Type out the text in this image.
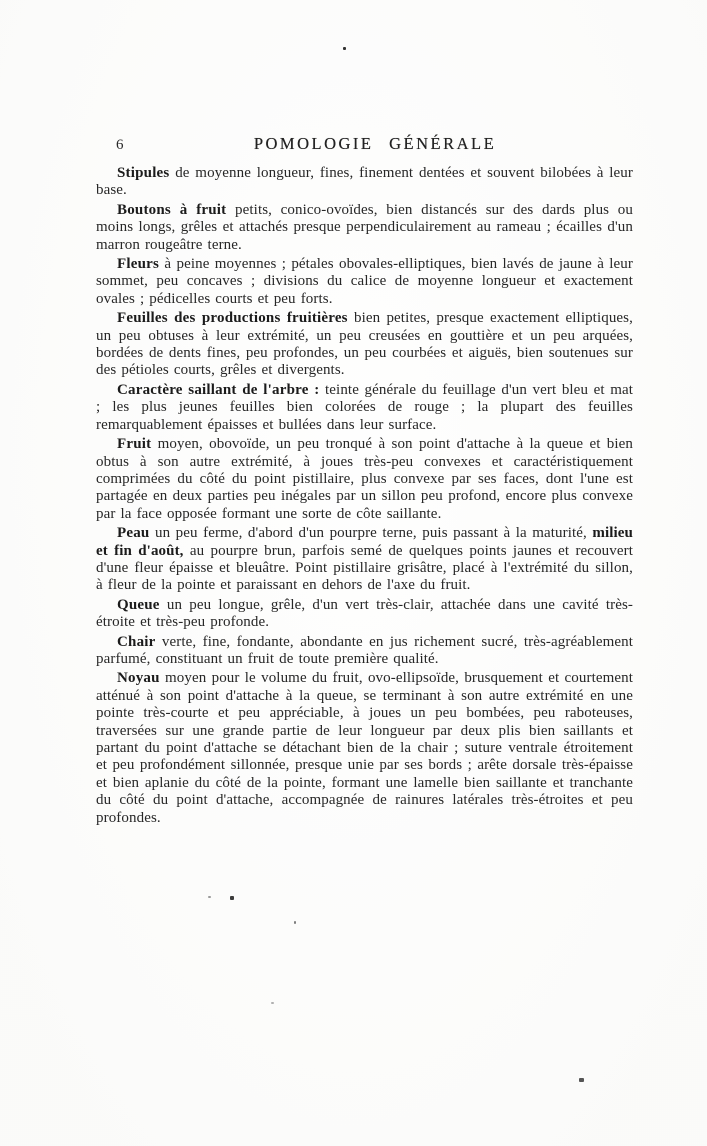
6	POMOLOGIE GÉNÉRALE

Stipules de moyenne longueur, fines, finement dentées et souvent bilobées à leur base.

Boutons à fruit petits, conico-ovoïdes, bien distancés sur des dards plus ou moins longs, grêles et attachés presque perpendiculairement au rameau ; écailles d'un marron rougeâtre terne.

Fleurs à peine moyennes ; pétales obovales-elliptiques, bien lavés de jaune à leur sommet, peu concaves ; divisions du calice de moyenne longueur et exactement ovales ; pédicelles courts et peu forts.

Feuilles des productions fruitières bien petites, presque exactement elliptiques, un peu obtuses à leur extrémité, un peu creusées en gouttière et un peu arquées, bordées de dents fines, peu profondes, un peu courbées et aiguës, bien soutenues sur des pétioles courts, grêles et divergents.

Caractère saillant de l'arbre : teinte générale du feuillage d'un vert bleu et mat ; les plus jeunes feuilles bien colorées de rouge ; la plupart des feuilles remarquablement épaisses et bullées dans leur surface.

Fruit moyen, obovoïde, un peu tronqué à son point d'attache à la queue et bien obtus à son autre extrémité, à joues très-peu convexes et caractéristiquement comprimées du côté du point pistillaire, plus convexe par ses faces, dont l'une est partagée en deux parties peu inégales par un sillon peu profond, encore plus convexe par la face opposée formant une sorte de côte saillante.

Peau un peu ferme, d'abord d'un pourpre terne, puis passant à la maturité, milieu et fin d'août, au pourpre brun, parfois semé de quelques points jaunes et recouvert d'une fleur épaisse et bleuâtre. Point pistillaire grisâtre, placé à l'extrémité du sillon, à fleur de la pointe et paraissant en dehors de l'axe du fruit.

Queue un peu longue, grêle, d'un vert très-clair, attachée dans une cavité très-étroite et très-peu profonde.

Chair verte, fine, fondante, abondante en jus richement sucré, très-agréablement parfumé, constituant un fruit de toute première qualité.

Noyau moyen pour le volume du fruit, ovo-ellipsoïde, brusquement et courtement atténué à son point d'attache à la queue, se terminant à son autre extrémité en une pointe très-courte et peu appréciable, à joues un peu bombées, peu raboteuses, traversées sur une grande partie de leur longueur par deux plis bien saillants et partant du point d'attache se détachant bien de la chair ; suture ventrale étroitement et peu profondément sillonnée, presque unie par ses bords ; arête dorsale très-épaisse et bien aplanie du côté de la pointe, formant une lamelle bien saillante et tranchante du côté du point d'attache, accompagnée de rainures latérales très-étroites et peu profondes.
